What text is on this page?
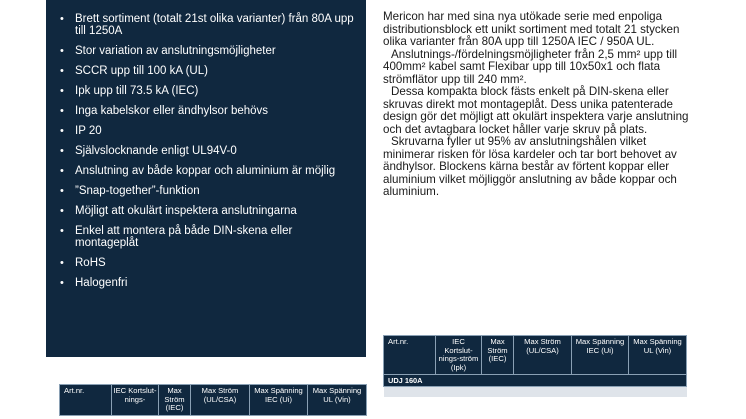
• Brett sortiment (totalt 21st olika varianter) från 80A upp till 1250A
• Stor variation av anslutningsmöjligheter
• SCCR upp till 100 kA (UL)
• Ipk upp till 73.5 kA (IEC)
• Inga kabelskor eller ändhylsor behövs
• IP 20
• Självslocknande enligt UL94V-0
• Anslutning av både koppar och aluminium är möjlig
• ”Snap-together”-funktion
• Möjligt att okulärt inspektera anslutningarna
• Enkel att montera på både DIN-skena eller montageplåt
• RoHS
• Halogenfri

Mericon har med sina nya utökade serie med enpoliga distributionsblock ett unikt sortiment med totalt 21 stycken olika varianter från 80A upp till 1250A IEC / 950A UL.

Anslutnings-/fördelningsmöjligheter från 2,5 mm² upp till 400mm² kabel samt Flexibar upp till 10x50x1 och flata strömflätor upp till 240 mm².

Dessa kompakta block fästs enkelt på DIN-skena eller skruvas direkt mot montageplåt. Dess unika patenterade design gör det möjligt att okulärt inspektera varje anslutning och det avtagbara locket håller varje skruv på plats.

Skruvarna fyller ut 95% av anslutningshålen vilket minimerar risken för lösa kardeler och tar bort behovet av ändhylsor. Blockens kärna består av förtent koppar eller aluminium vilket möjliggör anslutning av både koppar och aluminium.

Art.nr.	IEC Kortslut-nings-ström (Ipk)	Max Ström (IEC)	Max Ström (UL/CSA)	Max Spänning IEC (Ui)	Max Spänning UL (Vin)
UDJ 160A

Art.nr.	IEC Kortslut-nings-	Max Ström (IEC)	Max Ström (UL/CSA)	Max Spänning IEC (Ui)	Max Spänning UL (Vin)
